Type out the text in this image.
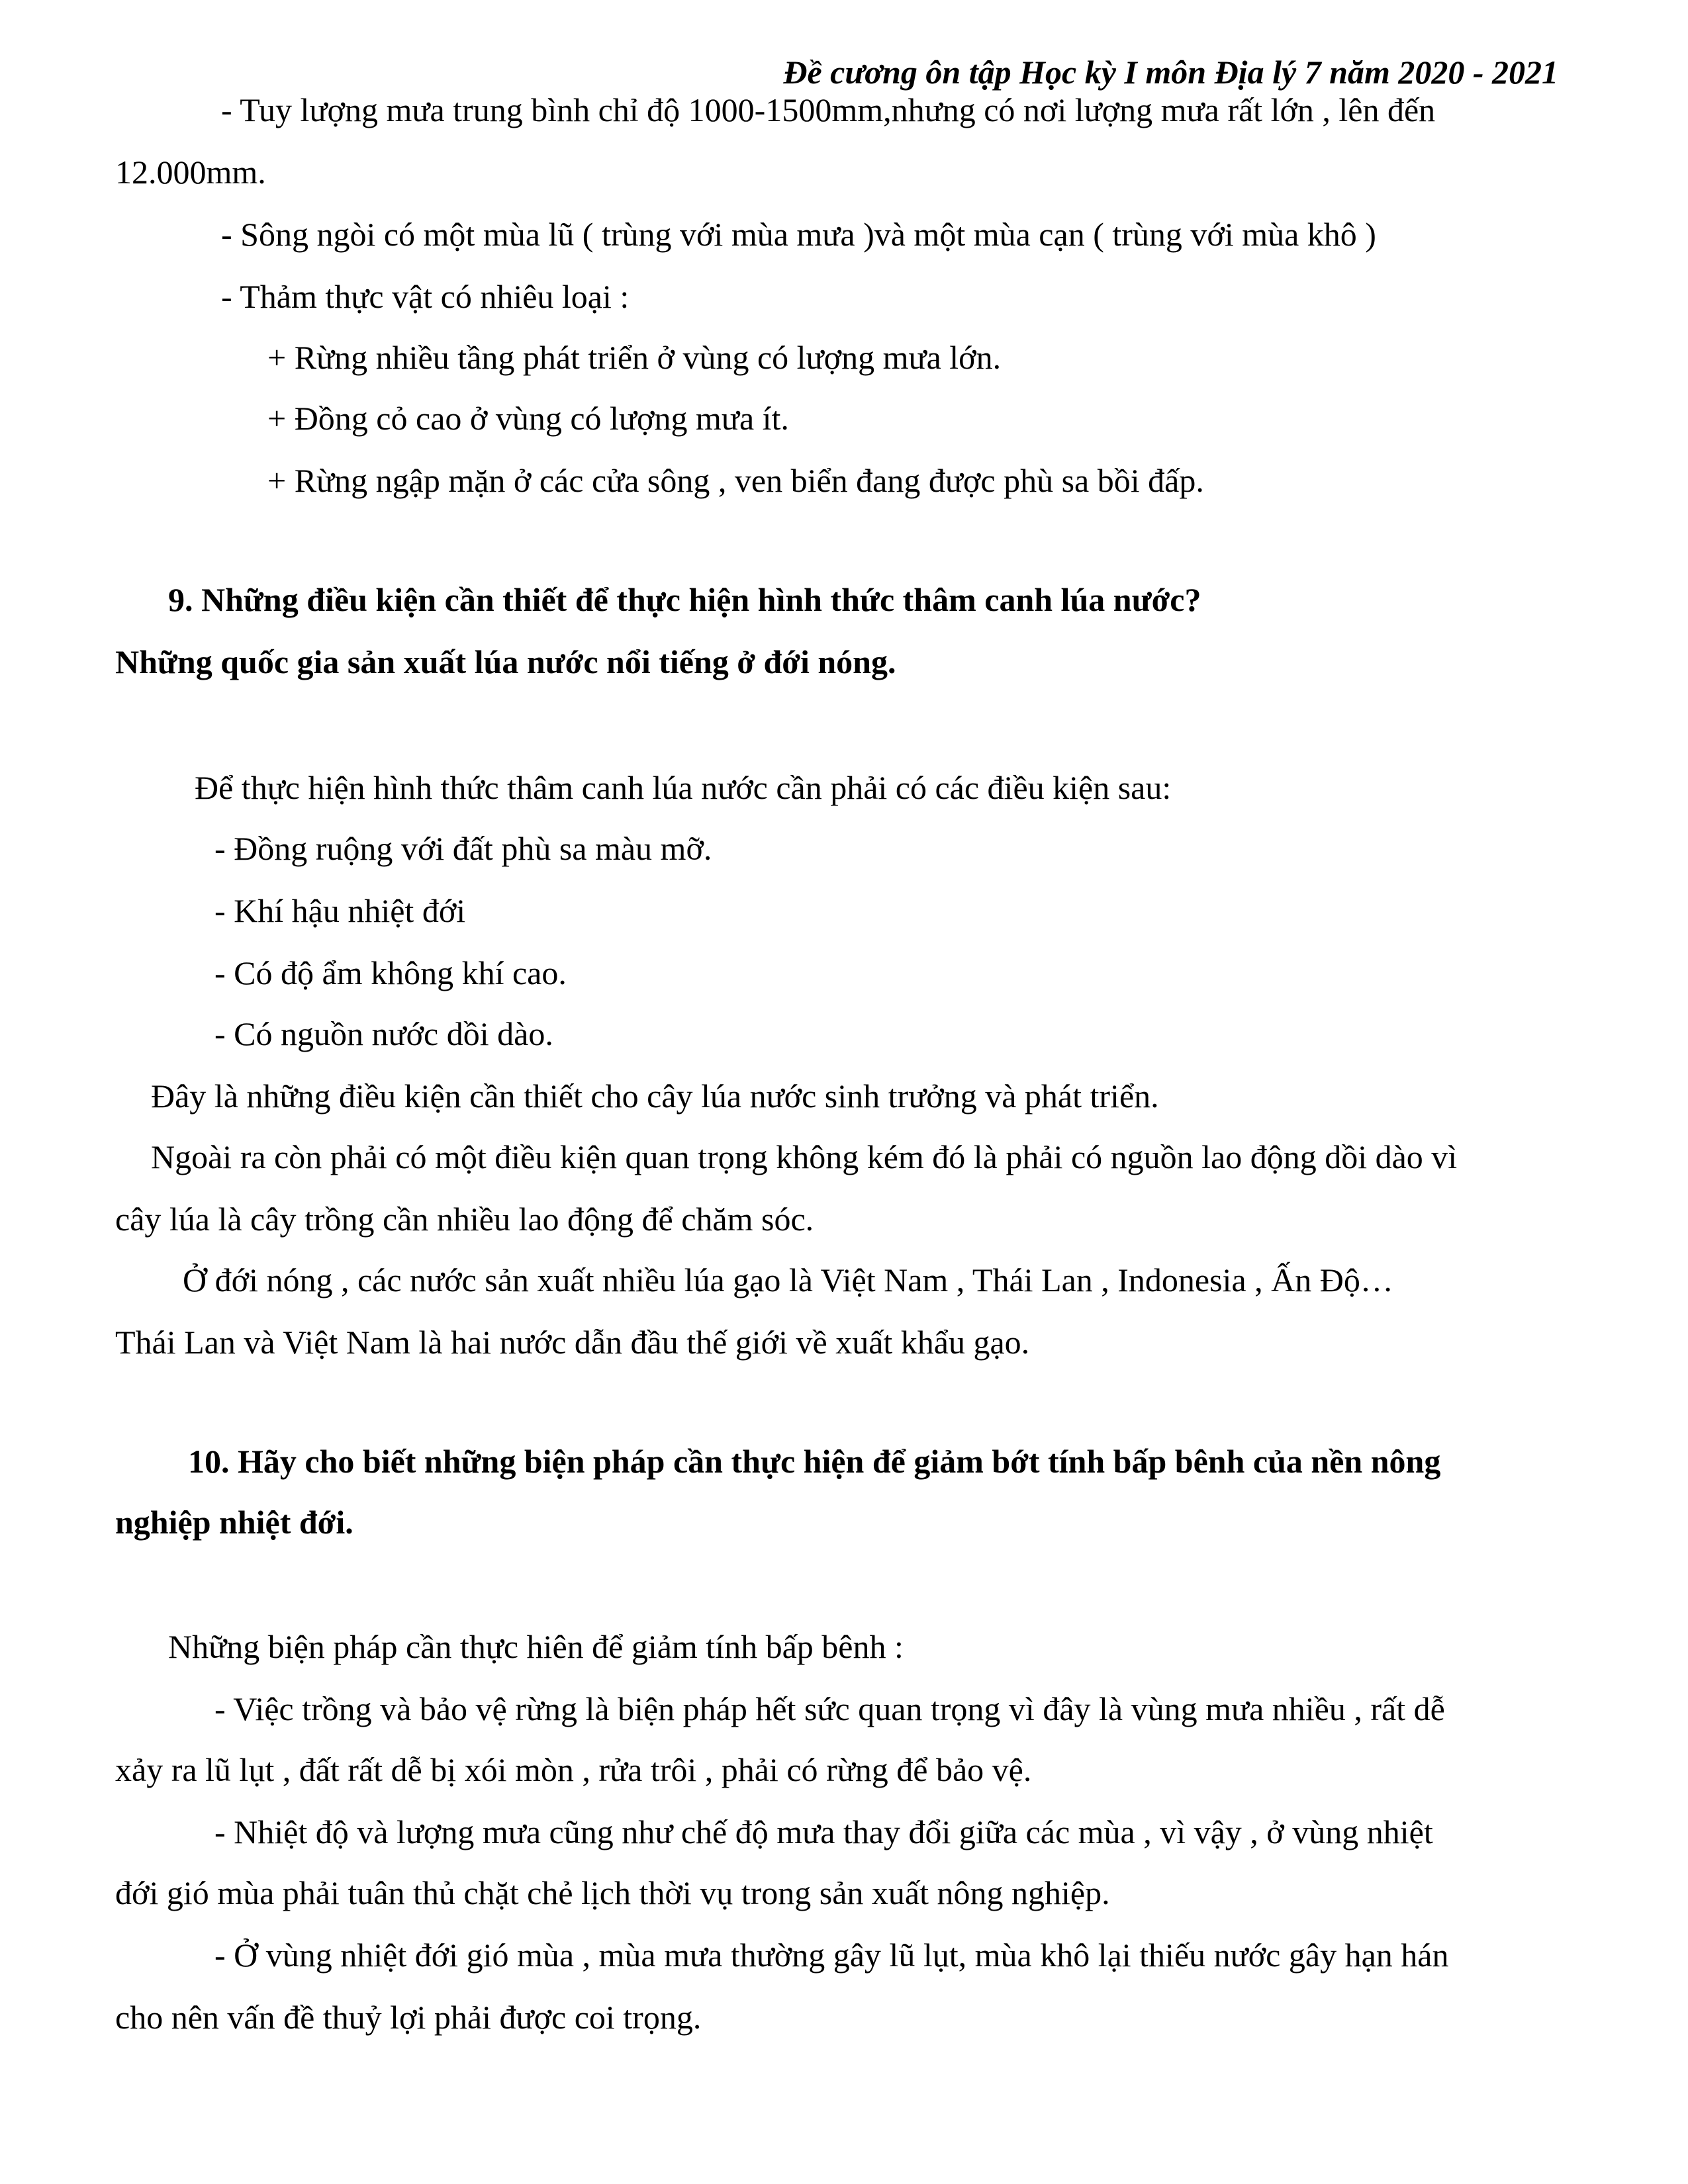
Đề cương ôn tập Học kỳ I môn Địa lý 7 năm 2020 - 2021
- Tuy lượng mưa trung bình chỉ độ 1000-1500mm,nhưng có nơi lượng mưa rất lớn , lên đến
12.000mm.
- Sông ngòi có một mùa lũ ( trùng với mùa mưa )và một mùa cạn ( trùng với mùa khô )
- Thảm thực vật có nhiêu loại :
+ Rừng nhiều tầng phát triển ở vùng có lượng mưa lớn.
+ Đồng cỏ cao ở vùng có lượng mưa ít.
+ Rừng ngập mặn ở các cửa sông , ven biển đang được phù sa bồi đấp.
9. Những điều kiện cần thiết để thực hiện hình thức thâm canh lúa nước?
Những quốc gia sản xuất lúa nước nổi tiếng ở đới nóng.
Để thực hiện hình thức thâm canh lúa nước cần phải có các điều kiện sau:
- Đồng ruộng với đất phù sa màu mỡ.
- Khí hậu nhiệt đới
- Có độ ẩm không khí cao.
- Có nguồn nước dồi dào.
Đây là những điều kiện cần thiết cho cây lúa nước sinh trưởng và phát triển.
Ngoài ra còn phải có một điều kiện quan trọng không kém đó là phải có nguồn lao động dồi dào vì
cây lúa là cây trồng cần nhiều lao động để chăm sóc.
Ở đới nóng , các nước sản xuất nhiều lúa gạo là Việt Nam , Thái Lan , Indonesia , Ấn Độ…
Thái Lan và Việt Nam là hai nước dẫn đầu thế giới về xuất khẩu gạo.
10. Hãy cho biết những biện pháp cần thực hiện để giảm bớt tính bấp bênh của nền nông
nghiệp nhiệt đới.
Những biện pháp cần thực hiên để giảm tính bấp bênh :
- Việc trồng và bảo vệ rừng là biện pháp hết sức quan trọng vì đây là vùng mưa nhiều , rất dễ
xảy ra lũ lụt , đất rất dễ bị xói mòn , rửa trôi , phải có rừng để bảo vệ.
- Nhiệt độ và lượng mưa cũng như chế độ mưa thay đổi giữa các mùa , vì vậy , ở vùng nhiệt
đới gió mùa phải tuân thủ chặt chẻ lịch thời vụ trong sản xuất nông nghiệp.
- Ở vùng nhiệt đới gió mùa , mùa mưa thường gây lũ lụt, mùa khô lại thiếu nước gây hạn hán
cho nên vấn đề thuỷ lợi phải được coi trọng.
